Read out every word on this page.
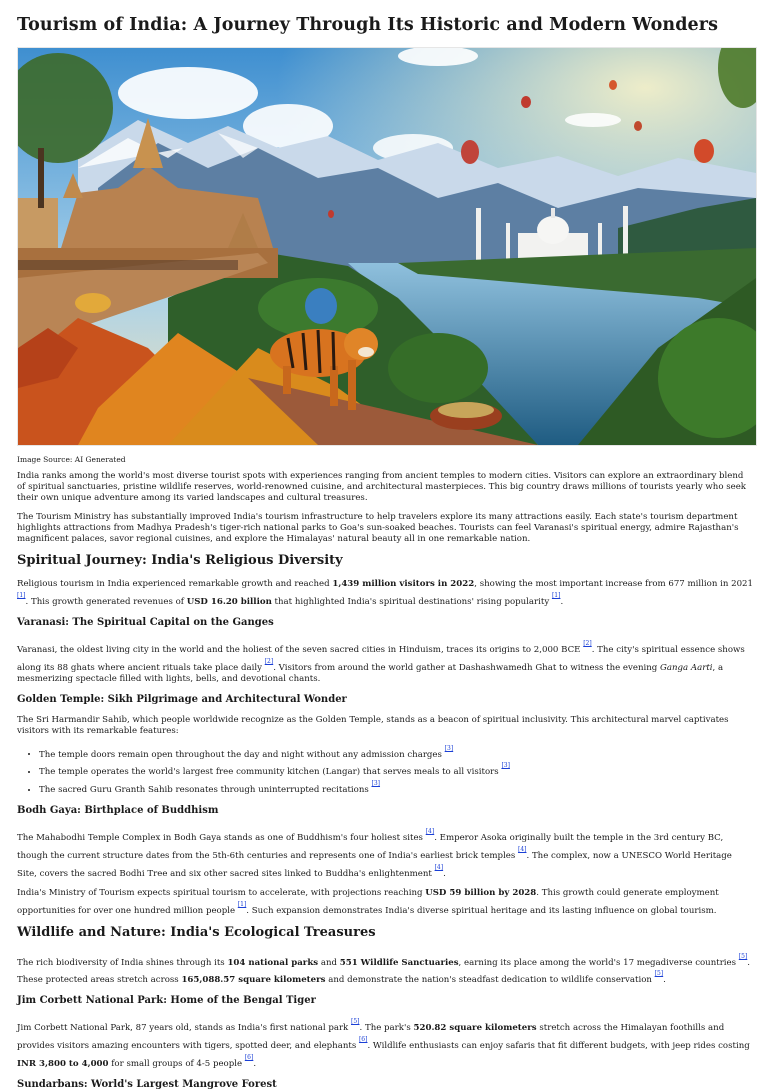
Tourism of India: A Journey Through Its Historic and Modern Wonders
Image Source: AI Generated

India ranks among the world's most diverse tourist spots with experiences ranging from ancient temples to modern cities. Visitors can explore an extraordinary blend of spiritual sanctuaries, pristine wildlife reserves, world-renowned cuisine, and architectural masterpieces. This big country draws millions of tourists yearly who seek their own unique adventure among its varied landscapes and cultural treasures.

The Tourism Ministry has substantially improved India's tourism infrastructure to help travelers explore its many attractions easily. Each state's tourism department highlights attractions from Madhya Pradesh's tiger-rich national parks to Goa's sun-soaked beaches. Tourists can feel Varanasi's spiritual energy, admire Rajasthan's magnificent palaces, savor regional cuisines, and explore the Himalayas' natural beauty all in one remarkable nation.

Spiritual Journey: India's Religious Diversity

Religious tourism in India experienced remarkable growth and reached 1,439 million visitors in 2022, showing the most important increase from 677 million in 2021 [1]. This growth generated revenues of USD 16.20 billion that highlighted India's spiritual destinations' rising popularity [1].

Varanasi: The Spiritual Capital on the Ganges

Varanasi, the oldest living city in the world and the holiest of the seven sacred cities in Hinduism, traces its origins to 2,000 BCE [2]. The city's spiritual essence shows along its 88 ghats where ancient rituals take place daily [2]. Visitors from around the world gather at Dashashwamedh Ghat to witness the evening Ganga Aarti, a mesmerizing spectacle filled with lights, bells, and devotional chants.

Golden Temple: Sikh Pilgrimage and Architectural Wonder

The Sri Harmandir Sahib, which people worldwide recognize as the Golden Temple, stands as a beacon of spiritual inclusivity. This architectural marvel captivates visitors with its remarkable features:

• The temple doors remain open throughout the day and night without any admission charges [3]
• The temple operates the world's largest free community kitchen (Langar) that serves meals to all visitors [3]
• The sacred Guru Granth Sahib resonates through uninterrupted recitations [3]
Bodh Gaya: Birthplace of Buddhism

The Mahabodhi Temple Complex in Bodh Gaya stands as one of Buddhism's four holiest sites [4]. Emperor Asoka originally built the temple in the 3rd century BC, though the current structure dates from the 5th-6th centuries and represents one of India's earliest brick temples [4]. The complex, now a UNESCO World Heritage Site, covers the sacred Bodhi Tree and six other sacred sites linked to Buddha's enlightenment [4].

India's Ministry of Tourism expects spiritual tourism to accelerate, with projections reaching USD 59 billion by 2028. This growth could generate employment opportunities for over one hundred million people [1]. Such expansion demonstrates India's diverse spiritual heritage and its lasting influence on global tourism.

Wildlife and Nature: India's Ecological Treasures

The rich biodiversity of India shines through its 104 national parks and 551 Wildlife Sanctuaries, earning its place among the world's 17 megadiverse countries [5]. These protected areas stretch across 165,088.57 square kilometers and demonstrate the nation's steadfast dedication to wildlife conservation [5].

Jim Corbett National Park: Home of the Bengal Tiger

Jim Corbett National Park, 87 years old, stands as India's first national park [5]. The park's 520.82 square kilometers stretch across the Himalayan foothills and provides visitors amazing encounters with tigers, spotted deer, and elephants [6]. Wildlife enthusiasts can enjoy safaris that fit different budgets, with jeep rides costing INR 3,800 to 4,000 for small groups of 4-5 people [6].

Sundarbans: World's Largest Mangrove Forest
